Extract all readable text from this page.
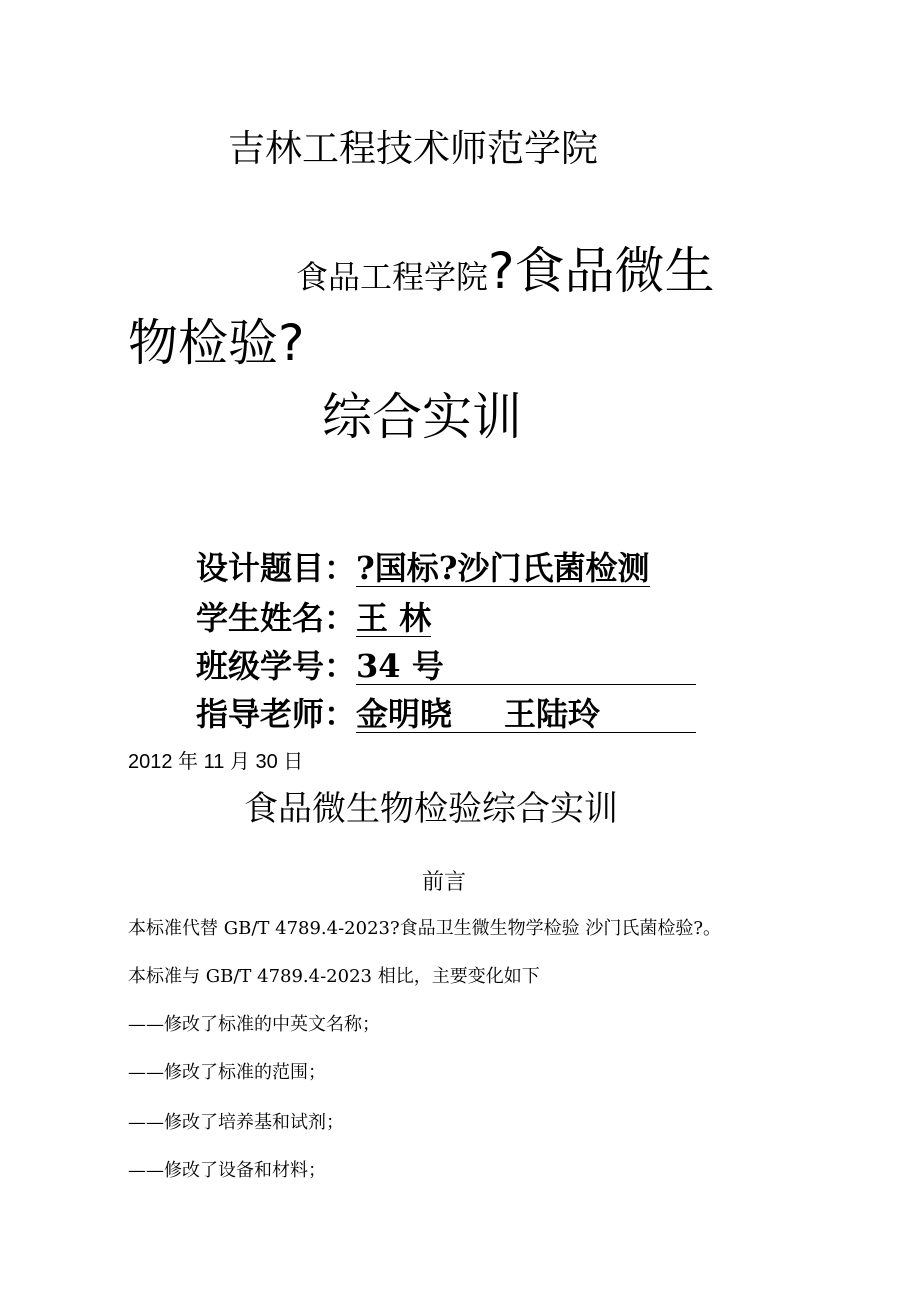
吉林工程技术师范学院
食品工程学院?食品微生
物检验?
综合实训
设计题目：?国标?沙门氏菌检测
学生姓名：王 林
班级学号：34 号
指导老师：金明晓 王陆玲
2012 年 11 月 30 日
食品微生物检验综合实训
前言
本标准代替 GB/T 4789.4-2023?食品卫生微生物学检验 沙门氏菌检验?。
本标准与 GB/T 4789.4-2023 相比，主要变化如下
——修改了标准的中英文名称；
——修改了标准的范围；
——修改了培养基和试剂；
——修改了设备和材料；
